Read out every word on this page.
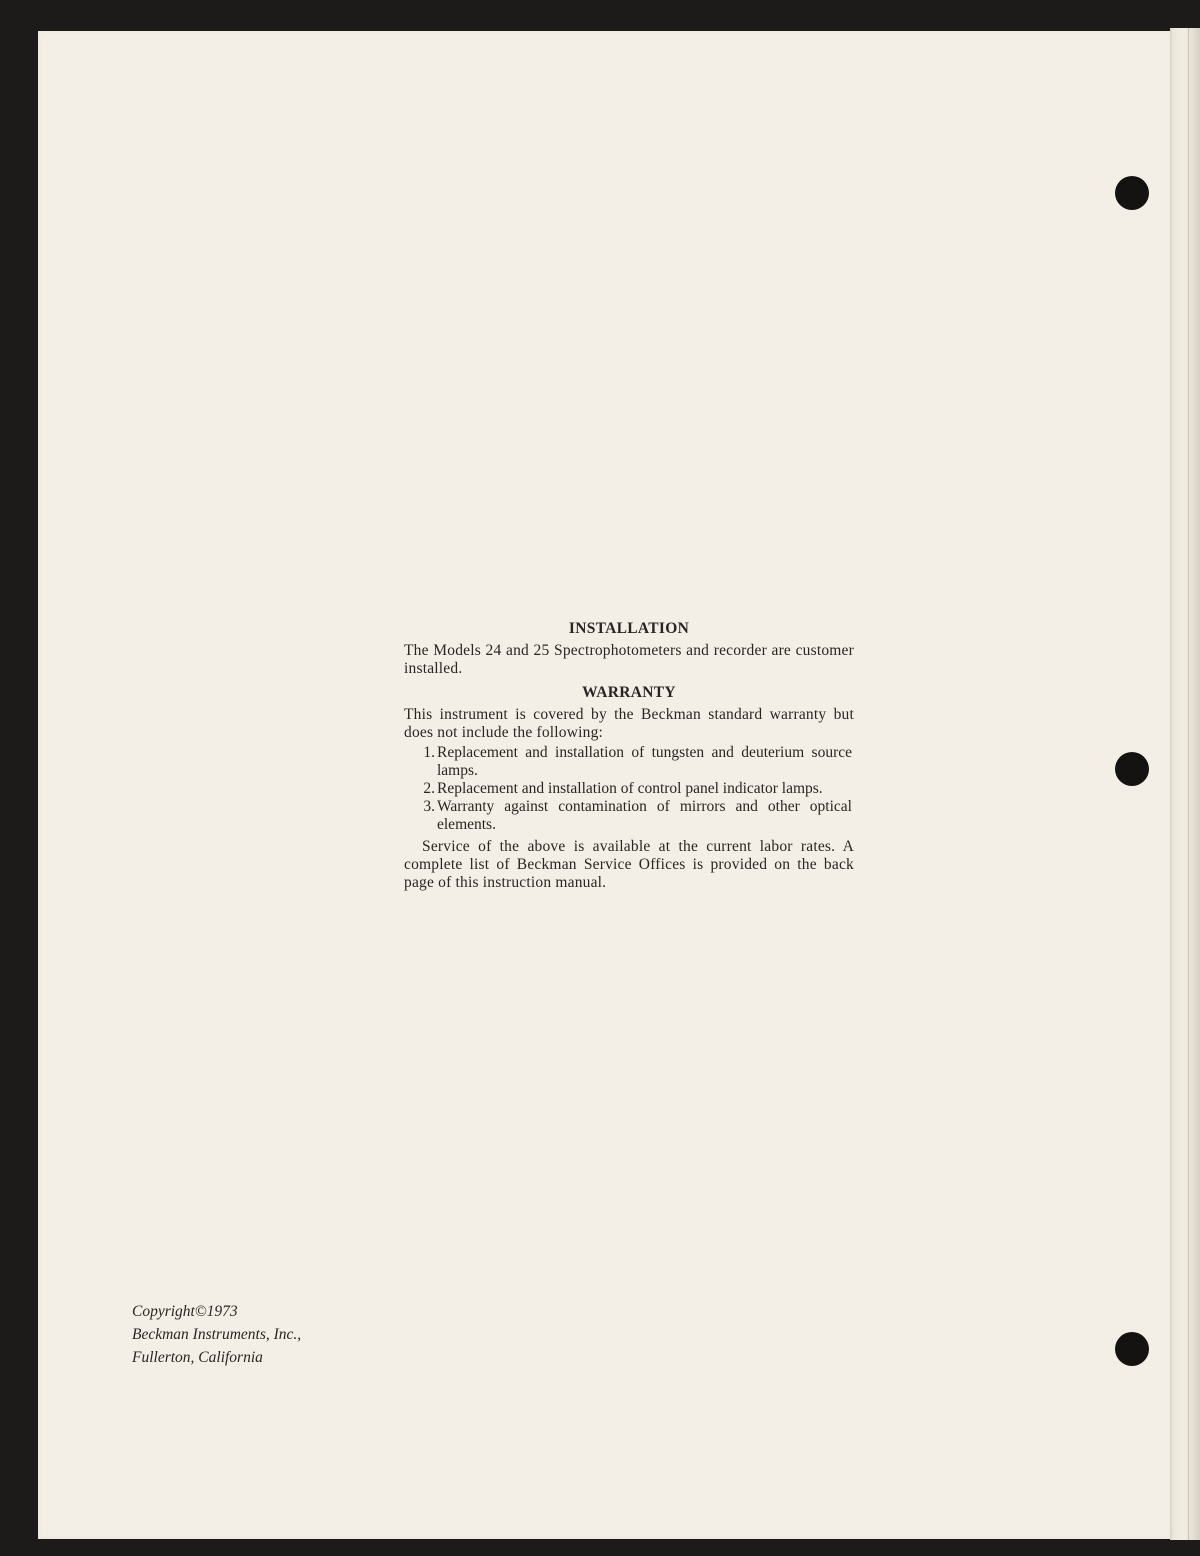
INSTALLATION

The Models 24 and 25 Spectrophotometers and recorder are customer installed.

WARRANTY

This instrument is covered by the Beckman standard warranty but does not include the following:

1. Replacement and installation of tungsten and deuterium source lamps.
2. Replacement and installation of control panel indicator lamps.
3. Warranty against contamination of mirrors and other optical elements.

Service of the above is available at the current labor rates. A complete list of Beckman Service Offices is provided on the back page of this instruction manual.

Copyright©1973
Beckman Instruments, Inc.,
Fullerton, California
